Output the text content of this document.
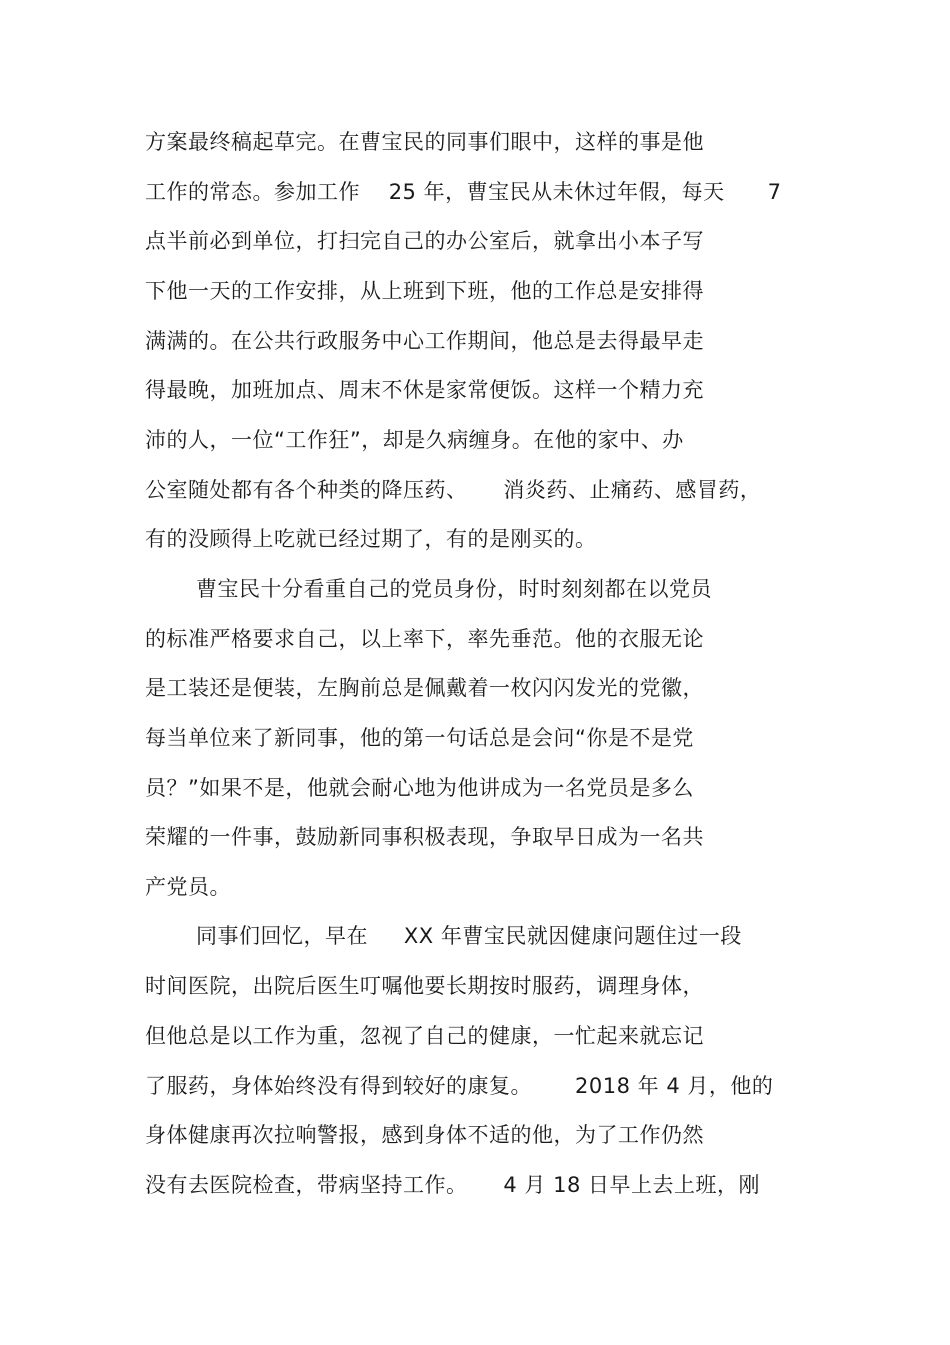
方案最终稿起草完。在曹宝民的同事们眼中，这样的事是他
工作的常态。参加工作    25 年，曹宝民从未休过年假，每天      7
点半前必到单位，打扫完自己的办公室后，就拿出小本子写
下他一天的工作安排，从上班到下班，他的工作总是安排得
满满的。在公共行政服务中心工作期间，他总是去得最早走
得最晚，加班加点、周末不休是家常便饭。这样一个精力充
沛的人，一位“工作狂”，却是久病缠身。在他的家中、办
公室随处都有各个种类的降压药、     消炎药、止痛药、感冒药，
有的没顾得上吃就已经过期了，有的是刚买的。
曹宝民十分看重自己的党员身份，时时刻刻都在以党员
的标准严格要求自己，以上率下，率先垂范。他的衣服无论
是工装还是便装，左胸前总是佩戴着一枚闪闪发光的党徽，
每当单位来了新同事，他的第一句话总是会问“你是不是党
员？”如果不是，他就会耐心地为他讲成为一名党员是多么
荣耀的一件事，鼓励新同事积极表现，争取早日成为一名共
产党员。
同事们回忆，早在     XX 年曹宝民就因健康问题住过一段
时间医院，出院后医生叮嘱他要长期按时服药，调理身体，
但他总是以工作为重，忽视了自己的健康，一忙起来就忘记
了服药，身体始终没有得到较好的康复。      2018 年 4 月，他的
身体健康再次拉响警报，感到身体不适的他，为了工作仍然
没有去医院检查，带病坚持工作。     4 月 18 日早上去上班，刚
